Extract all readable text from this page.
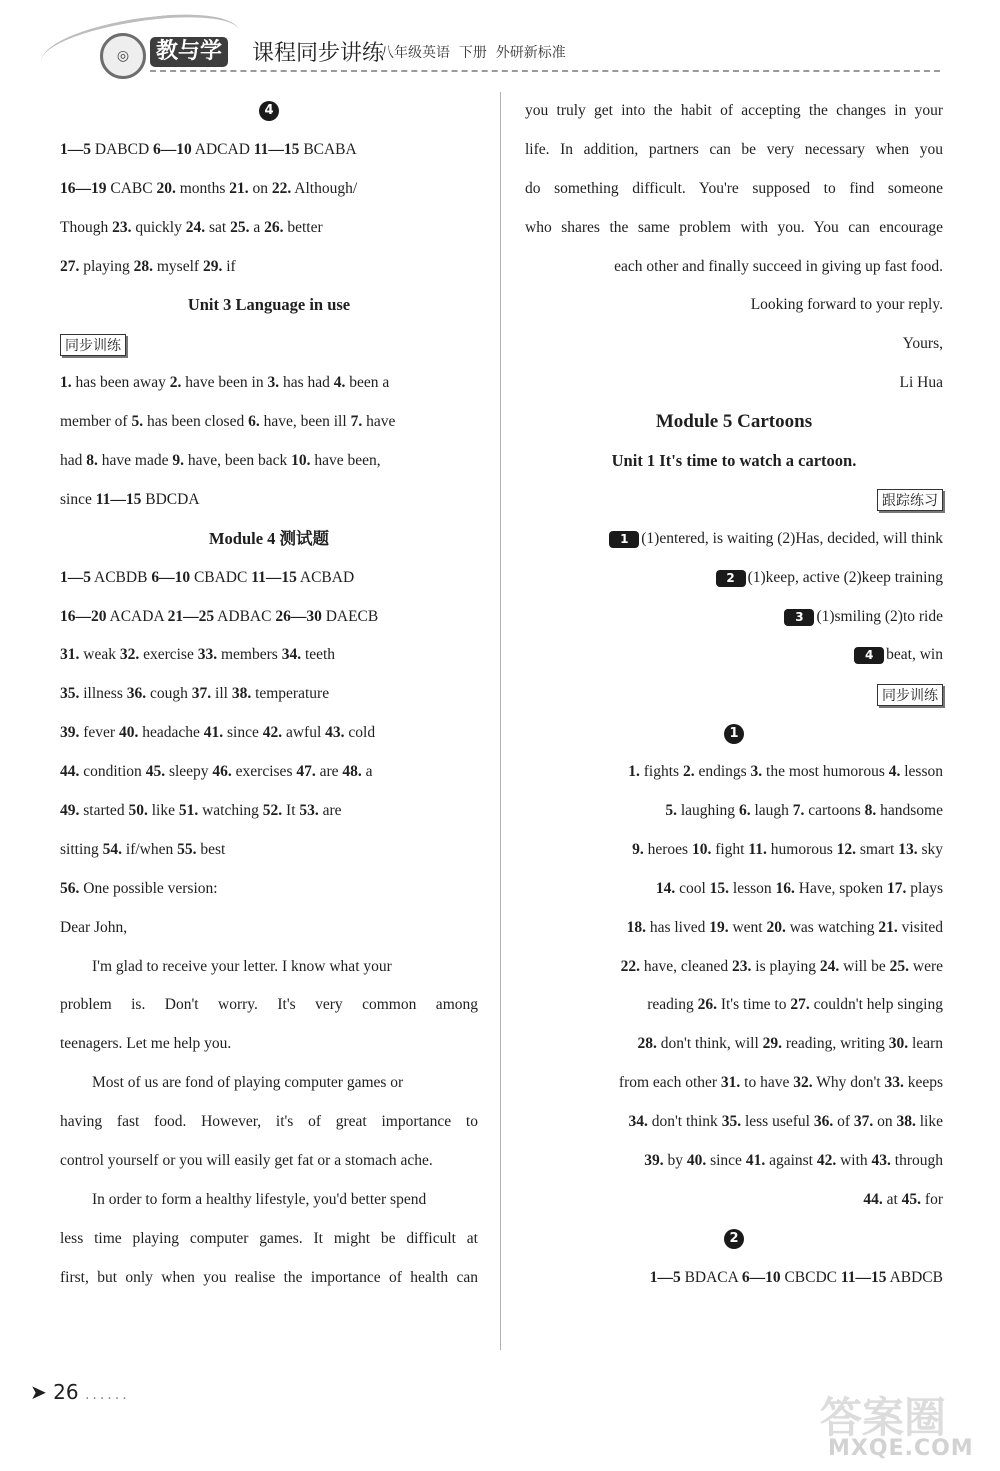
◎	教与学 课程同步讲练
八年级英语  下册  外研新标准
4
1—5 DABCD 6—10 ADCAD 11—15 BCABA
16—19 CABC 20. months 21. on 22. Although/
Though 23. quickly 24. sat 25. a 26. better
27. playing 28. myself 29. if
Unit 3 Language in use
同步训练
1. has been away 2. have been in 3. has had 4. been a
member of 5. has been closed 6. have, been ill 7. have
had 8. have made 9. have, been back 10. have been,
since 11—15 BDCDA
Module 4 测试题
1—5 ACBDB 6—10 CBADC 11—15 ACBAD
16—20 ACADA 21—25 ADBAC 26—30 DAECB
31. weak 32. exercise 33. members 34. teeth
35. illness 36. cough 37. ill 38. temperature
39. fever 40. headache 41. since 42. awful 43. cold
44. condition 45. sleepy 46. exercises 47. are 48. a
49. started 50. like 51. watching 52. It 53. are
sitting 54. if/when 55. best
56. One possible version:
Dear John,
I'm glad to receive your letter. I know what your
problem is. Don't worry. It's very common among
teenagers. Let me help you.
Most of us are fond of playing computer games or
having fast food. However, it's of great importance to
control yourself or you will easily get fat or a stomach ache.
In order to form a healthy lifestyle, you'd better spend
less time playing computer games. It might be difficult at
first, but only when you realise the importance of health can
you truly get into the habit of accepting the changes in your
life. In addition, partners can be very necessary when you
do something difficult. You're supposed to find someone
who shares the same problem with you. You can encourage
each other and finally succeed in giving up fast food.
Looking forward to your reply.
Yours,
Li Hua
Module 5 Cartoons
Unit 1 It's time to watch a cartoon.
跟踪练习
1 (1)entered, is waiting (2)Has, decided, will think
2 (1)keep, active (2)keep training
3 (1)smiling (2)to ride
4 beat, win
同步训练
1
1. fights 2. endings 3. the most humorous 4. lesson
5. laughing 6. laugh 7. cartoons 8. handsome
9. heroes 10. fight 11. humorous 12. smart 13. sky
14. cool 15. lesson 16. Have, spoken 17. plays
18. has lived 19. went 20. was watching 21. visited
22. have, cleaned 23. is playing 24. will be 25. were
reading 26. It's time to 27. couldn't help singing
28. don't think, will 29. reading, writing 30. learn
from each other 31. to have 32. Why don't 33. keeps
34. don't think 35. less useful 36. of 37. on 38. like
39. by 40. since 41. against 42. with 43. through
44. at 45. for
2
1—5 BDACA 6—10 CBCDC 11—15 ABDCB
➤ 26 ......	答案圈
MXQE.COM
